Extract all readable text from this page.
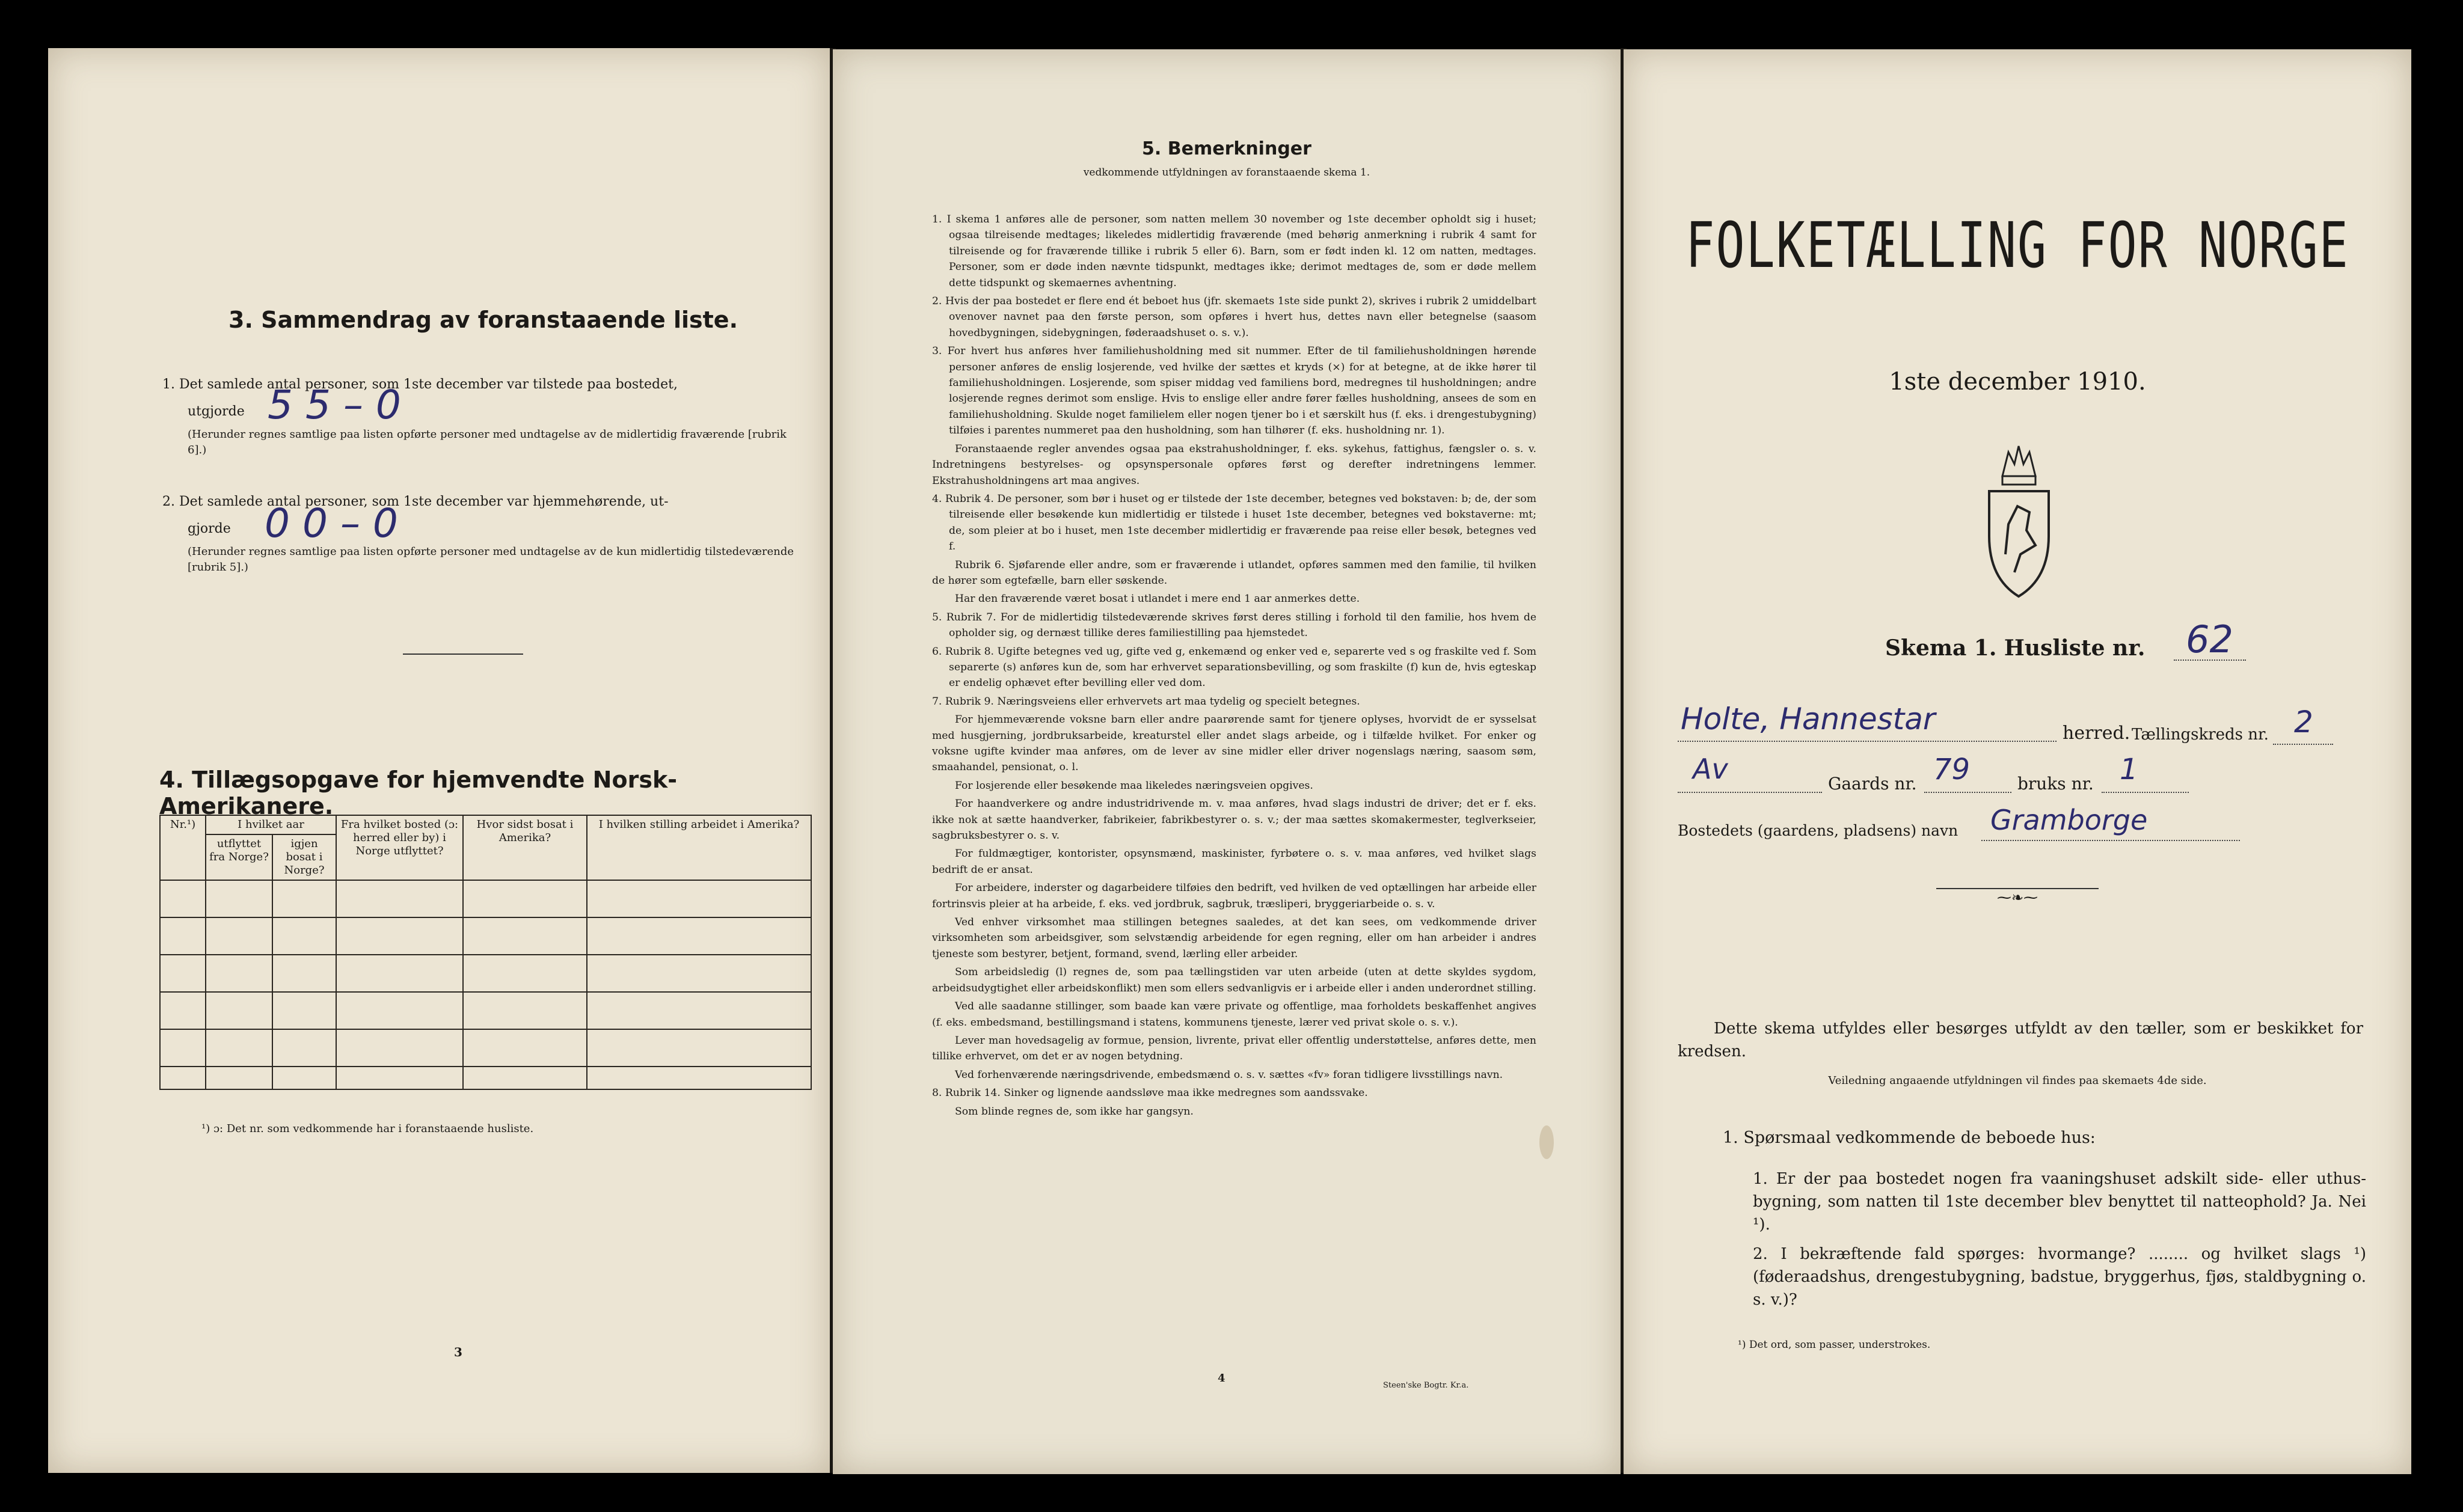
3. Sammendrag av foranstaaende liste.

1. Det samlede antal personer, som 1ste december var tilstede paa bostedet,

utgjorde 5 5 – 0

(Herunder regnes samtlige paa listen opførte personer med undtagelse av de midlertidig fraværende [rubrik 6].)

2. Det samlede antal personer, som 1ste december var hjemmehørende, ut-

gjorde 0 0 – 0

(Herunder regnes samtlige paa listen opførte personer med undtagelse av de kun midlertidig tilstedeværende [rubrik 5].)

4. Tillægsopgave for hjemvendte Norsk-Amerikanere.
Nr.¹)	I hvilket aar		Fra hvilket bosted (ɔ: herred eller by) i Norge utflyttet?	Hvor sidst bosat i Amerika?	I hvilken stilling arbeidet i Amerika?
	utflyttet fra Norge?	igjen bosat i Norge?			

¹) ɔ: Det nr. som vedkommende har i foranstaaende husliste.

3
5. Bemerkninger

vedkommende utfyldningen av foranstaaende skema 1.

1. I skema 1 anføres alle de personer, som natten mellem 30 november og 1ste december opholdt sig i huset; ogsaa tilreisende medtages; likeledes midlertidig fraværende (med behørig anmerkning i rubrik 4 samt for tilreisende og for fraværende tillike i rubrik 5 eller 6). Barn, som er født inden kl. 12 om natten, medtages. Personer, som er døde inden nævnte tidspunkt, medtages ikke; derimot medtages de, som er døde mellem dette tidspunkt og skemaernes avhentning.

2. Hvis der paa bostedet er flere end ét beboet hus (jfr. skemaets 1ste side punkt 2), skrives i rubrik 2 umiddelbart ovenover navnet paa den første person, som opføres i hvert hus, dettes navn eller betegnelse (saasom hovedbygningen, sidebygningen, føderaadshuset o. s. v.).

3. For hvert hus anføres hver familiehusholdning med sit nummer. Efter de til familiehusholdningen hørende personer anføres de enslig losjerende, ved hvilke der sættes et kryds (×) for at betegne, at de ikke hører til familiehusholdningen. Losjerende, som spiser middag ved familiens bord, medregnes til husholdningen; andre losjerende regnes derimot som enslige. Hvis to enslige eller andre fører fælles husholdning, ansees de som en familiehusholdning. Skulde noget familielem eller nogen tjener bo i et særskilt hus (f. eks. i drengestubygning) tilføies i parentes nummeret paa den husholdning, som han tilhører (f. eks. husholdning nr. 1).

Foranstaaende regler anvendes ogsaa paa ekstrahusholdninger, f. eks. sykehus, fattighus, fængsler o. s. v. Indretningens bestyrelses- og opsynspersonale opføres først og derefter indretningens lemmer. Ekstrahusholdningens art maa angives.

4. Rubrik 4. De personer, som bør i huset og er tilstede der 1ste december, betegnes ved bokstaven: b; de, der som tilreisende eller besøkende kun midlertidig er tilstede i huset 1ste december, betegnes ved bokstaverne: mt; de, som pleier at bo i huset, men 1ste december midlertidig er fraværende paa reise eller besøk, betegnes ved f.

Rubrik 6. Sjøfarende eller andre, som er fraværende i utlandet, opføres sammen med den familie, til hvilken de hører som egtefælle, barn eller søskende.

Har den fraværende været bosat i utlandet i mere end 1 aar anmerkes dette.

5. Rubrik 7. For de midlertidig tilstedeværende skrives først deres stilling i forhold til den familie, hos hvem de opholder sig, og dernæst tillike deres familiestilling paa hjemstedet.

6. Rubrik 8. Ugifte betegnes ved ug, gifte ved g, enkemænd og enker ved e, separerte ved s og fraskilte ved f. Som separerte (s) anføres kun de, som har erhvervet separationsbevilling, og som fraskilte (f) kun de, hvis egteskap er endelig ophævet efter bevilling eller ved dom.

7. Rubrik 9. Næringsveiens eller erhvervets art maa tydelig og specielt betegnes.

For hjemmeværende voksne barn eller andre paarørende samt for tjenere oplyses, hvorvidt de er sysselsat med husgjerning, jordbruksarbeide, kreaturstel eller andet slags arbeide, og i tilfælde hvilket. For enker og voksne ugifte kvinder maa anføres, om de lever av sine midler eller driver nogenslags næring, saasom søm, smaahandel, pensionat, o. l.

For losjerende eller besøkende maa likeledes næringsveien opgives.

For haandverkere og andre industridrivende m. v. maa anføres, hvad slags industri de driver; det er f. eks. ikke nok at sætte haandverker, fabrikeier, fabrikbestyrer o. s. v.; der maa sættes skomakermester, teglverkseier, sagbruksbestyrer o. s. v.

For fuldmægtiger, kontorister, opsynsmænd, maskinister, fyrbøtere o. s. v. maa anføres, ved hvilket slags bedrift de er ansat.

For arbeidere, inderster og dagarbeidere tilføies den bedrift, ved hvilken de ved optællingen har arbeide eller fortrinsvis pleier at ha arbeide, f. eks. ved jordbruk, sagbruk, træsliperi, bryggeriarbeide o. s. v.

Ved enhver virksomhet maa stillingen betegnes saaledes, at det kan sees, om vedkommende driver virksomheten som arbeidsgiver, som selvstændig arbeidende for egen regning, eller om han arbeider i andres tjeneste som bestyrer, betjent, formand, svend, lærling eller arbeider.

Som arbeidsledig (l) regnes de, som paa tællingstiden var uten arbeide (uten at dette skyldes sygdom, arbeidsudygtighet eller arbeidskonflikt) men som ellers sedvanligvis er i arbeide eller i anden underordnet stilling.

Ved alle saadanne stillinger, som baade kan være private og offentlige, maa forholdets beskaffenhet angives (f. eks. embedsmand, bestillingsmand i statens, kommunens tjeneste, lærer ved privat skole o. s. v.).

Lever man hovedsagelig av formue, pension, livrente, privat eller offentlig understøttelse, anføres dette, men tillike erhvervet, om det er av nogen betydning.

Ved forhenværende næringsdrivende, embedsmænd o. s. v. sættes «fv» foran tidligere livsstillings navn.

8. Rubrik 14. Sinker og lignende aandssløve maa ikke medregnes som aandssvake.

Som blinde regnes de, som ikke har gangsyn.

4
Steen'ske Bogtr. Kr.a.
FOLKETÆLLING FOR NORGE

1ste december 1910.

Skema 1. Husliste nr. 62
Holte, Hannestar	herred. Tællingskreds nr. 2
Av	Gaards nr. 79	bruks nr. 1
Bostedets (gaardens, pladsens) navn Gramborge
⁓❧⁓

Dette skema utfyldes eller besørges utfyldt av den tæller, som er beskikket for kredsen.

Veiledning angaaende utfyldningen vil findes paa skemaets 4de side.

1. Spørsmaal vedkommende de beboede hus:

1. Er der paa bostedet nogen fra vaaningshuset adskilt side- eller uthus-bygning, som natten til 1ste december blev benyttet til natteophold? Ja. Nei ¹).

2. I bekræftende fald spørges: hvormange? ........ og hvilket slags ¹) (føderaadshus, drengestubygning, badstue, bryggerhus, fjøs, staldbygning o. s. v.)?

¹) Det ord, som passer, understrokes.
